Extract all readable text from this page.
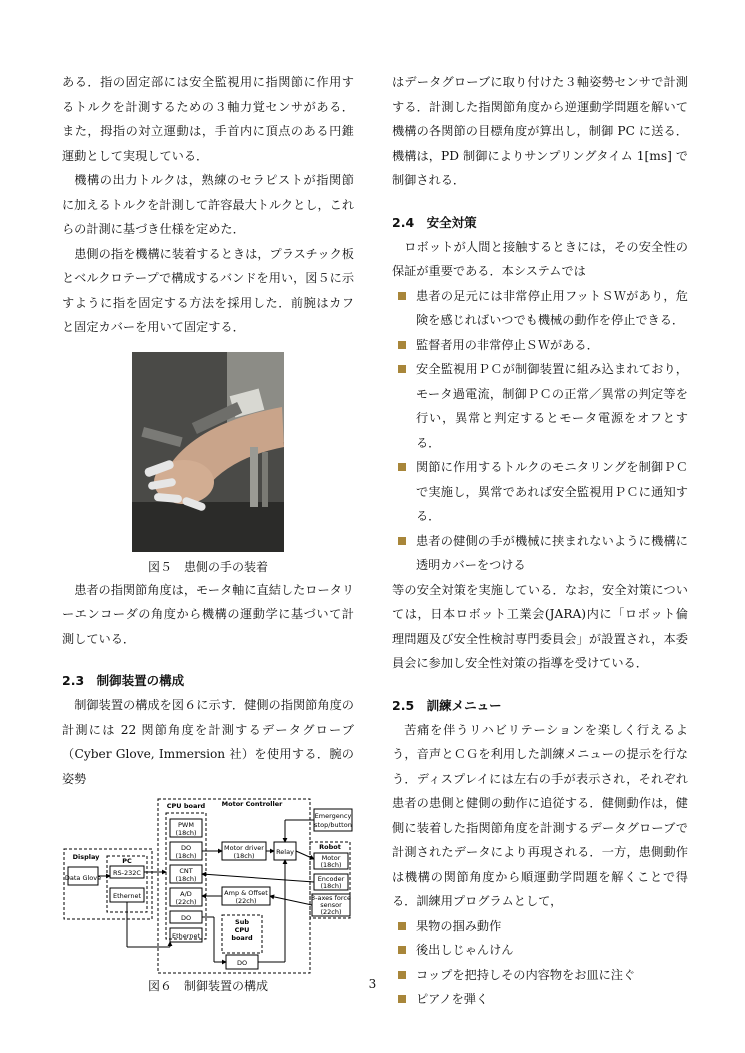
ある．指の固定部には安全監視用に指関節に作用するトルクを計測するための３軸力覚センサがある．また，拇指の対立運動は，手首内に頂点のある円錐運動として実現している．

機構の出力トルクは，熟練のセラピストが指関節に加えるトルクを計測して許容最大トルクとし，これらの計測に基づき仕様を定めた．

患側の指を機構に装着するときは，プラスチック板とベルクロテープで構成するバンドを用い，図５に示すように指を固定する方法を採用した．前腕はカフと固定カバーを用いて固定する．

図５　患側の手の装着

患者の指関節角度は，モータ軸に直結したロータリーエンコーダの角度から機構の運動学に基づいて計測している．

2.3　制御装置の構成

制御装置の構成を図６に示す．健側の指関節角度の計測には 22 関節角度を計測するデータグローブ（Cyber Glove, Immersion 社）を使用する．腕の姿勢

Motor Controller
CPU board
Display	PC
Data Glove
RS-232C
Ethernet
PWM
(18ch)
DO
(18ch)
CNT
(18ch)
A/D
(22ch)
DO
Ethernet
Motor driver
(18ch)	Relay
Amp & Offset
(22ch)
Sub
CPU
board
DO
Emergency
stop/button
Robot
Motor
(18ch)
Encoder
(18ch)
3-axes force
sensor
(22ch)

図６　制御装置の構成

はデータグローブに取り付けた３軸姿勢センサで計測する．計測した指関節角度から逆運動学問題を解いて機構の各関節の目標角度が算出し，制御 PC に送る．機構は，PD 制御によりサンプリングタイム 1[ms] で制御される．

2.4　安全対策

ロボットが人間と接触するときには，その安全性の保証が重要である．本システムでは

患者の足元には非常停止用フットＳＷがあり，危険を感じればいつでも機械の動作を停止できる．
監督者用の非常停止ＳＷがある．
安全監視用ＰＣが制御装置に組み込まれており，モータ過電流，制御ＰＣの正常／異常の判定等を行い，異常と判定するとモータ電源をオフとする．
関節に作用するトルクのモニタリングを制御ＰＣで実施し，異常であれば安全監視用ＰＣに通知する．
患者の健側の手が機械に挟まれないように機構に透明カバーをつける

等の安全対策を実施している．なお，安全対策については，日本ロボット工業会(JARA)内に「ロボット倫理問題及び安全性検討専門委員会」が設置され，本委員会に参加し安全性対策の指導を受けている．

2.5　訓練メニュー

苦痛を伴うリハビリテーションを楽しく行えるよう，音声とＣＧを利用した訓練メニューの提示を行なう．ディスプレイには左右の手が表示され，それぞれ患者の患側と健側の動作に追従する．健側動作は，健側に装着した指関節角度を計測するデータグローブで計測されたデータにより再現される．一方，患側動作は機構の関節角度から順運動学問題を解くことで得る．訓練用プログラムとして，

果物の掴み動作
後出しじゃんけん
コップを把持しその内容物をお皿に注ぐ
ピアノを弾く

3
